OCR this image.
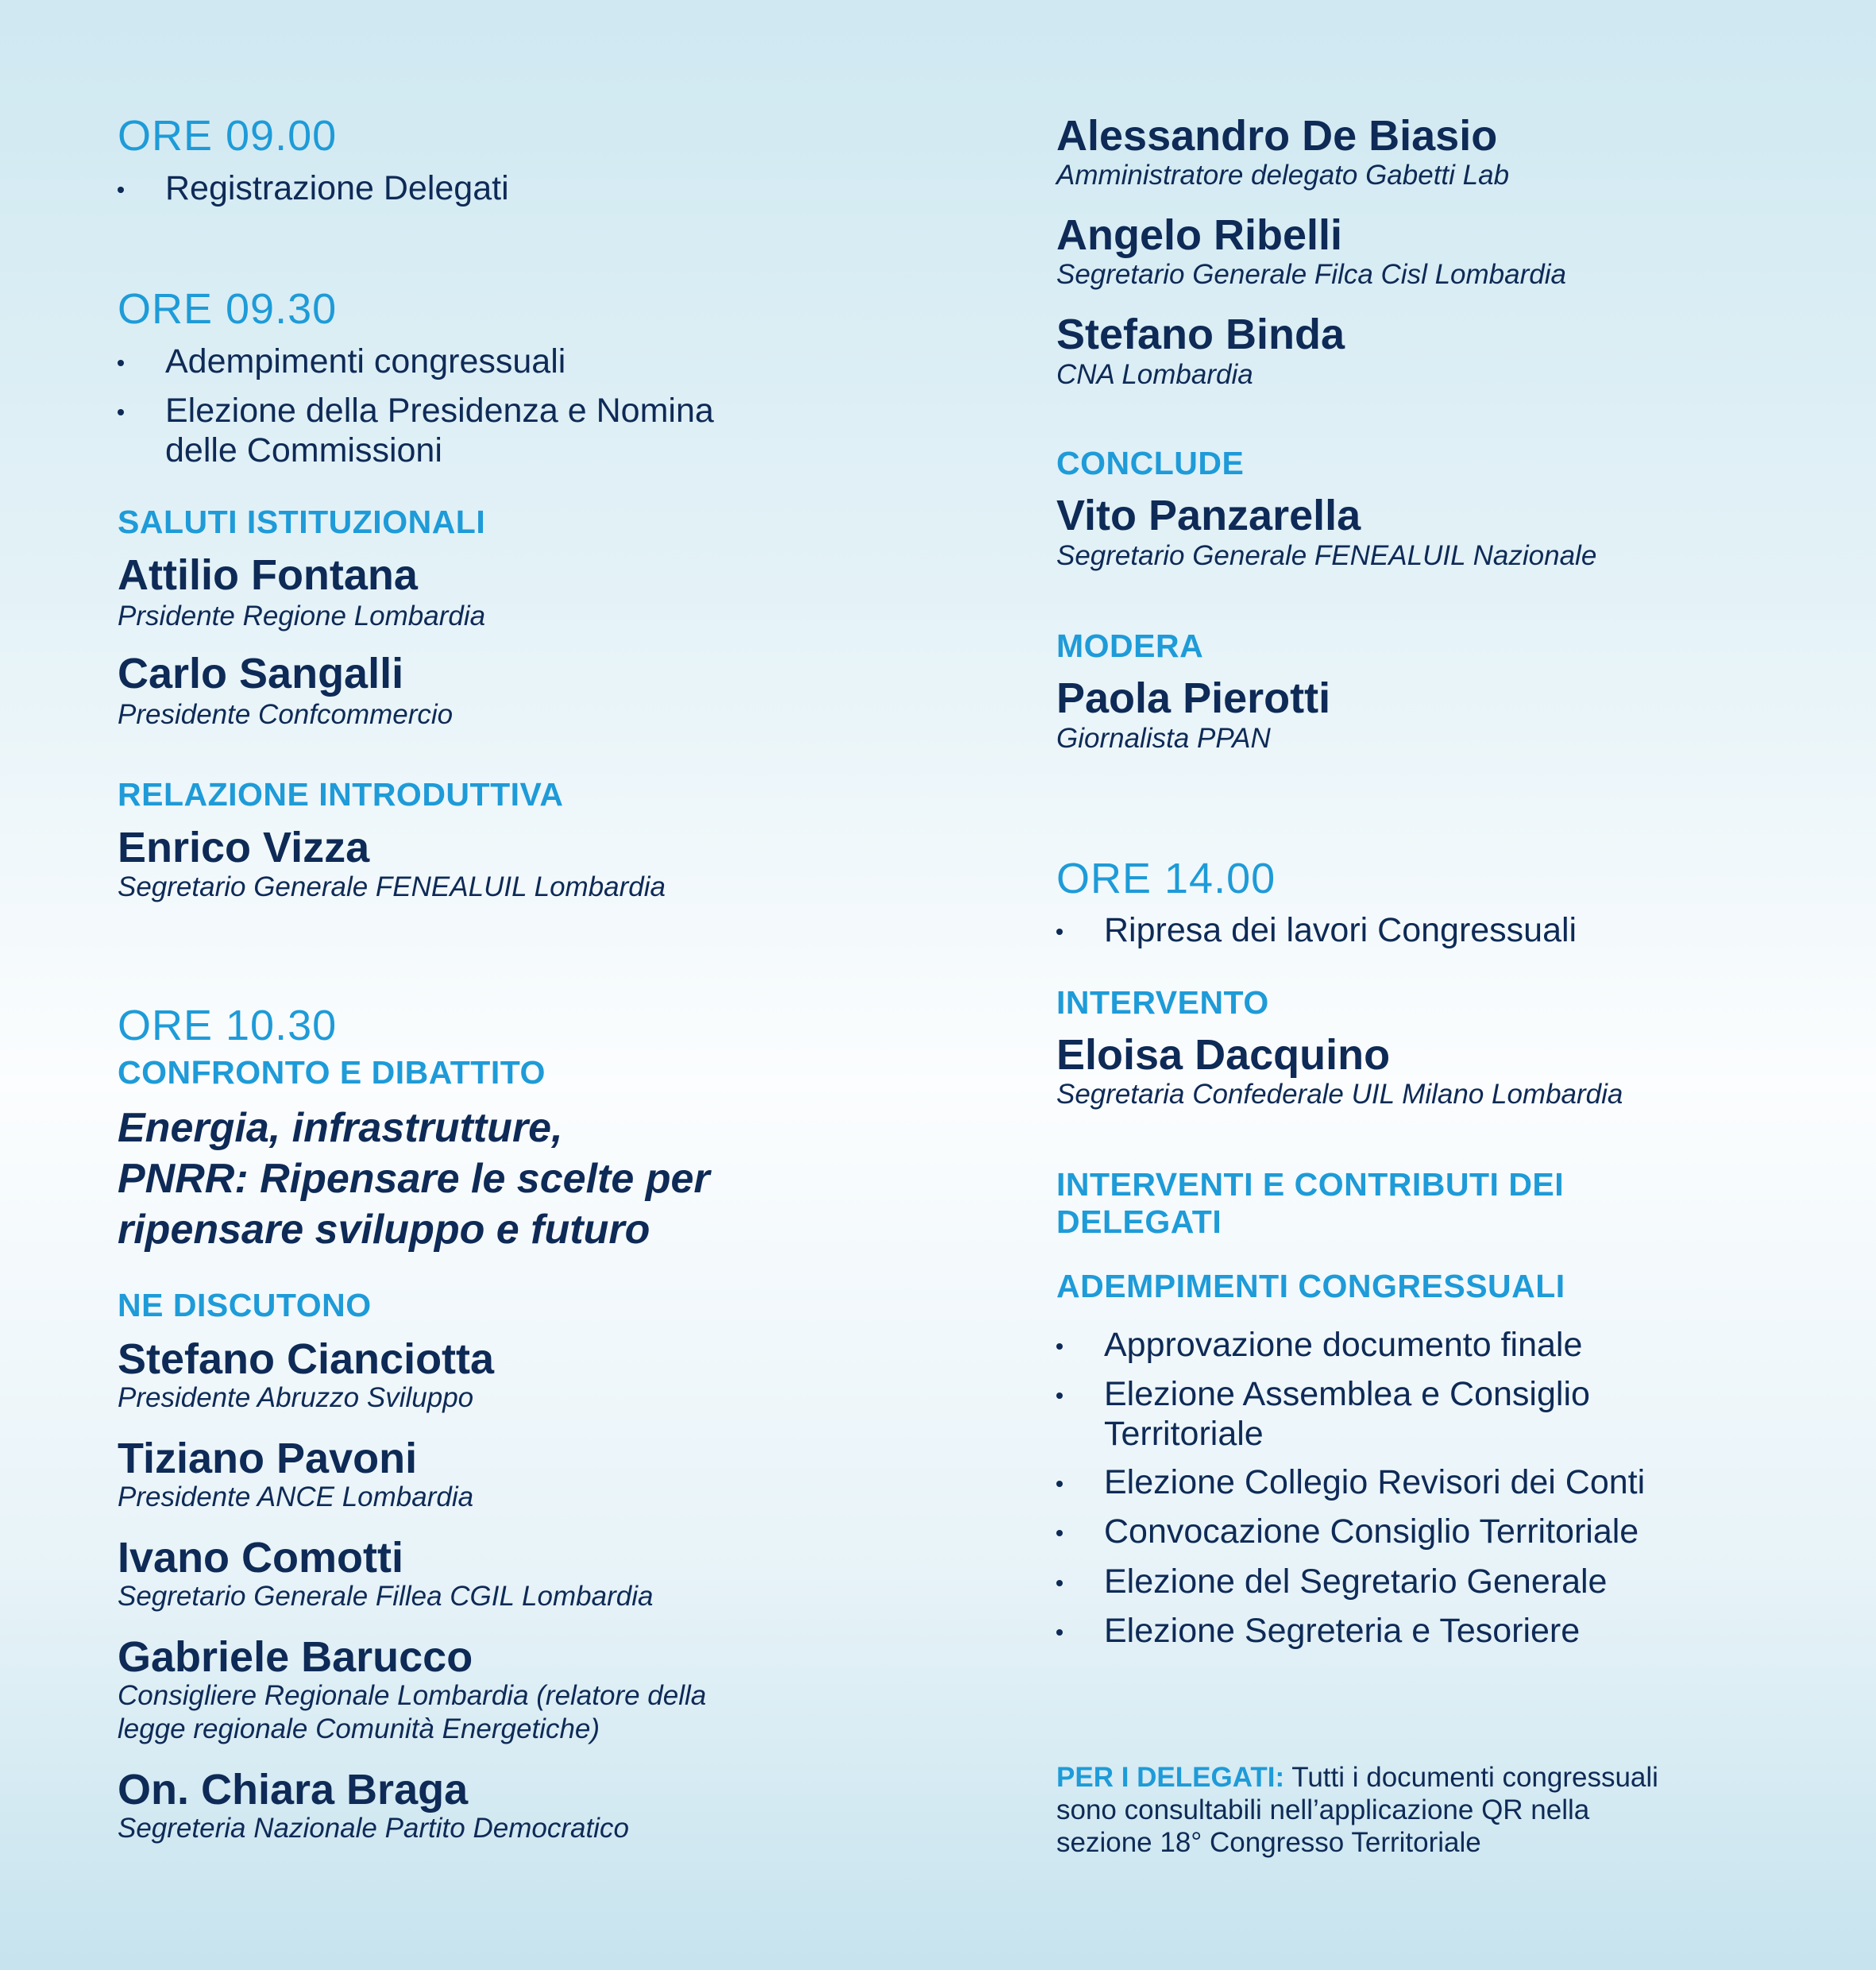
ORE 09.00
Registrazione Delegati
ORE 09.30
Adempimenti congressuali
Elezione della Presidenza e Nomina
delle Commissioni
SALUTI ISTITUZIONALI
Attilio Fontana
Prsidente Regione Lombardia
Carlo Sangalli
Presidente Confcommercio
RELAZIONE INTRODUTTIVA
Enrico Vizza
Segretario Generale FENEALUIL Lombardia
ORE 10.30
CONFRONTO E DIBATTITO
Energia, infrastrutture,
PNRR: Ripensare le scelte per
ripensare sviluppo e futuro
NE DISCUTONO
Stefano Cianciotta
Presidente Abruzzo Sviluppo
Tiziano Pavoni
Presidente ANCE Lombardia
Ivano Comotti
Segretario Generale Fillea CGIL Lombardia
Gabriele Barucco
Consigliere Regionale Lombardia (relatore della
legge regionale Comunità Energetiche)
On. Chiara Braga
Segreteria Nazionale Partito Democratico
Alessandro De Biasio
Amministratore delegato Gabetti Lab
Angelo Ribelli
Segretario Generale Filca Cisl Lombardia
Stefano Binda
CNA Lombardia
CONCLUDE
Vito Panzarella
Segretario Generale FENEALUIL Nazionale
MODERA
Paola Pierotti
Giornalista PPAN
ORE 14.00
Ripresa dei lavori Congressuali
INTERVENTO
Eloisa Dacquino
Segretaria Confederale UIL Milano Lombardia
INTERVENTI E CONTRIBUTI DEI
DELEGATI
ADEMPIMENTI CONGRESSUALI
Approvazione documento finale
Elezione Assemblea e Consiglio
Territoriale
Elezione Collegio Revisori dei Conti
Convocazione Consiglio Territoriale
Elezione del Segretario Generale
Elezione Segreteria e Tesoriere
PER I DELEGATI: Tutti i documenti congressuali
sono consultabili nell’applicazione QR nella
sezione 18° Congresso Territoriale
